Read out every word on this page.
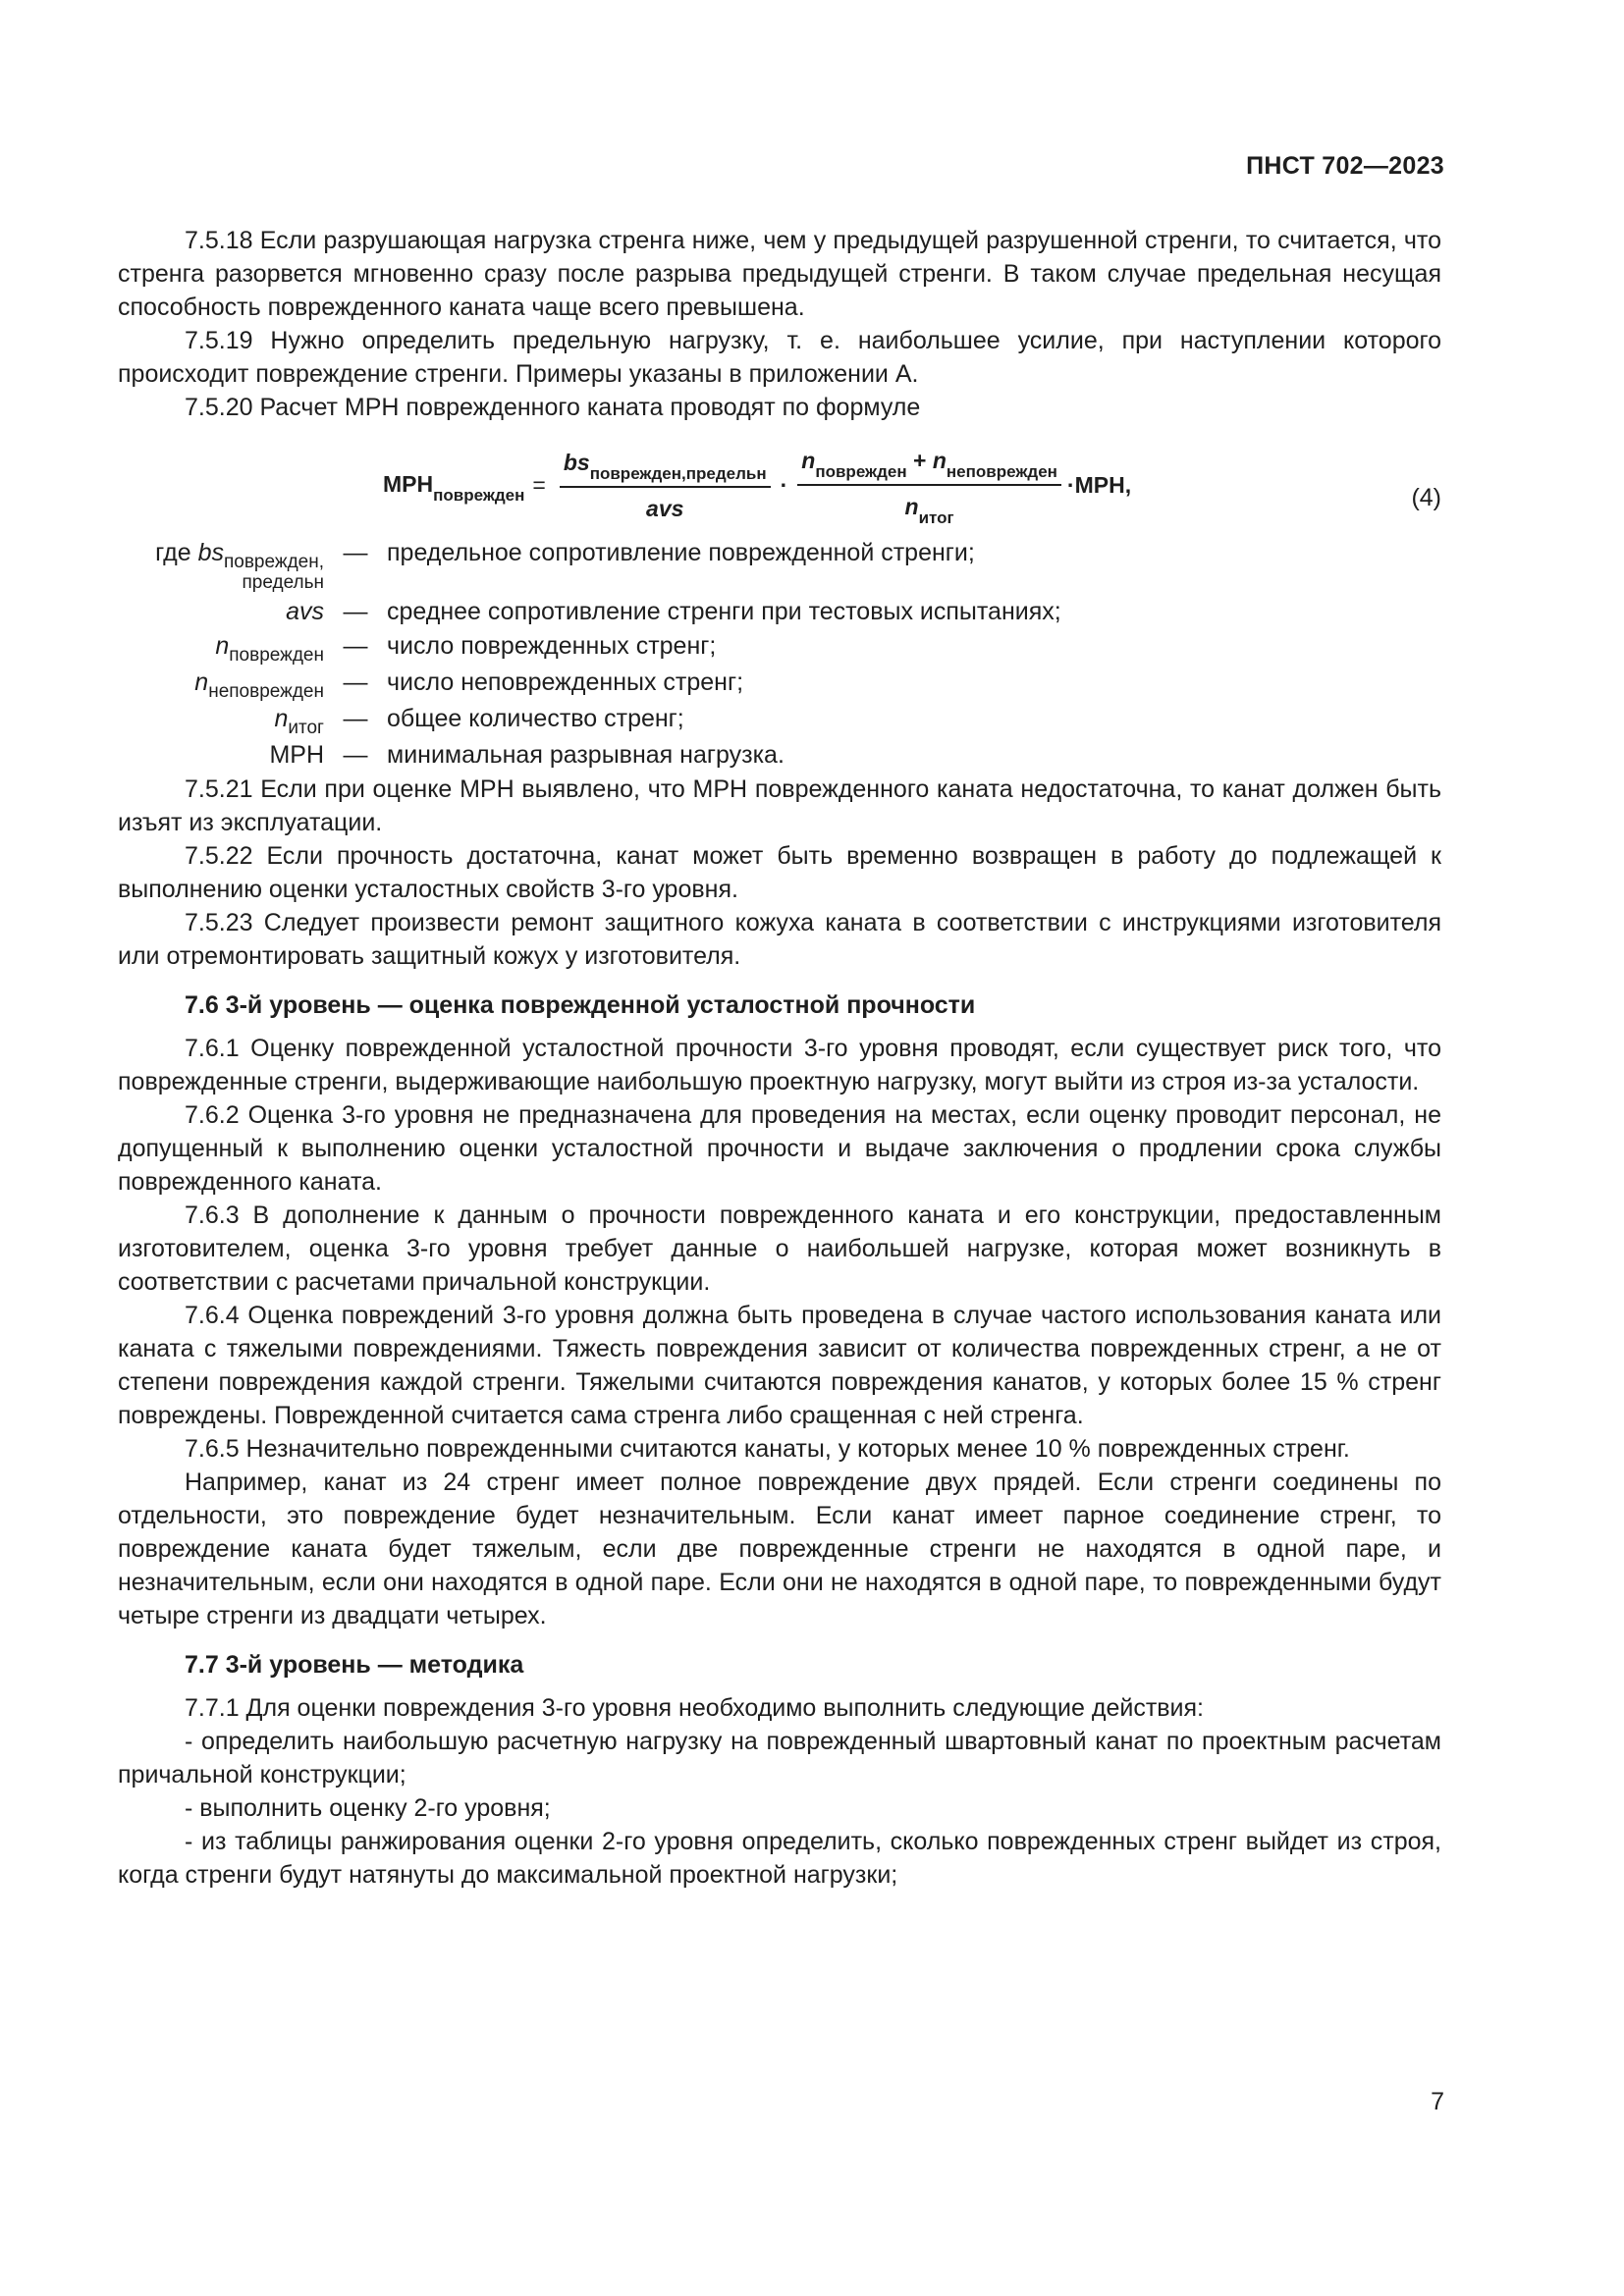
ПНСТ 702—2023

7.5.18 Если разрушающая нагрузка стренга ниже, чем у предыдущей разрушенной стренги, то считается, что стренга разорвется мгновенно сразу после разрыва предыдущей стренги. В таком случае предельная несущая способность поврежденного каната чаще всего превышена.

7.5.19 Нужно определить предельную нагрузку, т. е. наибольшее усилие, при наступлении которого происходит повреждение стренги. Примеры указаны в приложении А.

7.5.20 Расчет МРН поврежденного каната проводят по формуле

$МРН_{поврежден} = \frac{bs_{поврежден,предельн}}{\text{avs}} \cdot \frac{n_{поврежден} + n_{неповрежден}}{n_{итог}} \cdot МРН$,	(4)
где $bs_{поврежден,}$
предельн
— предельное сопротивление поврежденной стренги;
avs — среднее сопротивление стренги при тестовых испытаниях;
$n_{поврежден}$ — число поврежденных стренг;
$n_{неповрежден}$ — число неповрежденных стренг;
$n_{итог}$ — общее количество стренг;
МРН — минимальная разрывная нагрузка.

7.5.21 Если при оценке МРН выявлено, что МРН поврежденного каната недостаточна, то канат должен быть изъят из эксплуатации.

7.5.22 Если прочность достаточна, канат может быть временно возвращен в работу до подлежащей к выполнению оценки усталостных свойств 3-го уровня.

7.5.23 Следует произвести ремонт защитного кожуха каната в соответствии с инструкциями изготовителя или отремонтировать защитный кожух у изготовителя.

7.6 3-й уровень — оценка поврежденной усталостной прочности

7.6.1 Оценку поврежденной усталостной прочности 3-го уровня проводят, если существует риск того, что поврежденные стренги, выдерживающие наибольшую проектную нагрузку, могут выйти из строя из-за усталости.

7.6.2 Оценка 3-го уровня не предназначена для проведения на местах, если оценку проводит персонал, не допущенный к выполнению оценки усталостной прочности и выдаче заключения о продлении срока службы поврежденного каната.

7.6.3 В дополнение к данным о прочности поврежденного каната и его конструкции, предоставленным изготовителем, оценка 3-го уровня требует данные о наибольшей нагрузке, которая может возникнуть в соответствии с расчетами причальной конструкции.

7.6.4 Оценка повреждений 3-го уровня должна быть проведена в случае частого использования каната или каната с тяжелыми повреждениями. Тяжесть повреждения зависит от количества поврежденных стренг, а не от степени повреждения каждой стренги. Тяжелыми считаются повреждения канатов, у которых более 15 % стренг повреждены. Поврежденной считается сама стренга либо сращенная с ней стренга.

7.6.5 Незначительно поврежденными считаются канаты, у которых менее 10 % поврежденных стренг.

Например, канат из 24 стренг имеет полное повреждение двух прядей. Если стренги соединены по отдельности, это повреждение будет незначительным. Если канат имеет парное соединение стренг, то повреждение каната будет тяжелым, если две поврежденные стренги не находятся в одной паре, и незначительным, если они находятся в одной паре. Если они не находятся в одной паре, то поврежденными будут четыре стренги из двадцати четырех.

7.7 3-й уровень — методика

7.7.1 Для оценки повреждения 3-го уровня необходимо выполнить следующие действия:

- определить наибольшую расчетную нагрузку на поврежденный швартовный канат по проектным расчетам причальной конструкции;

- выполнить оценку 2-го уровня;

- из таблицы ранжирования оценки 2-го уровня определить, сколько поврежденных стренг выйдет из строя, когда стренги будут натянуты до максимальной проектной нагрузки;

7
